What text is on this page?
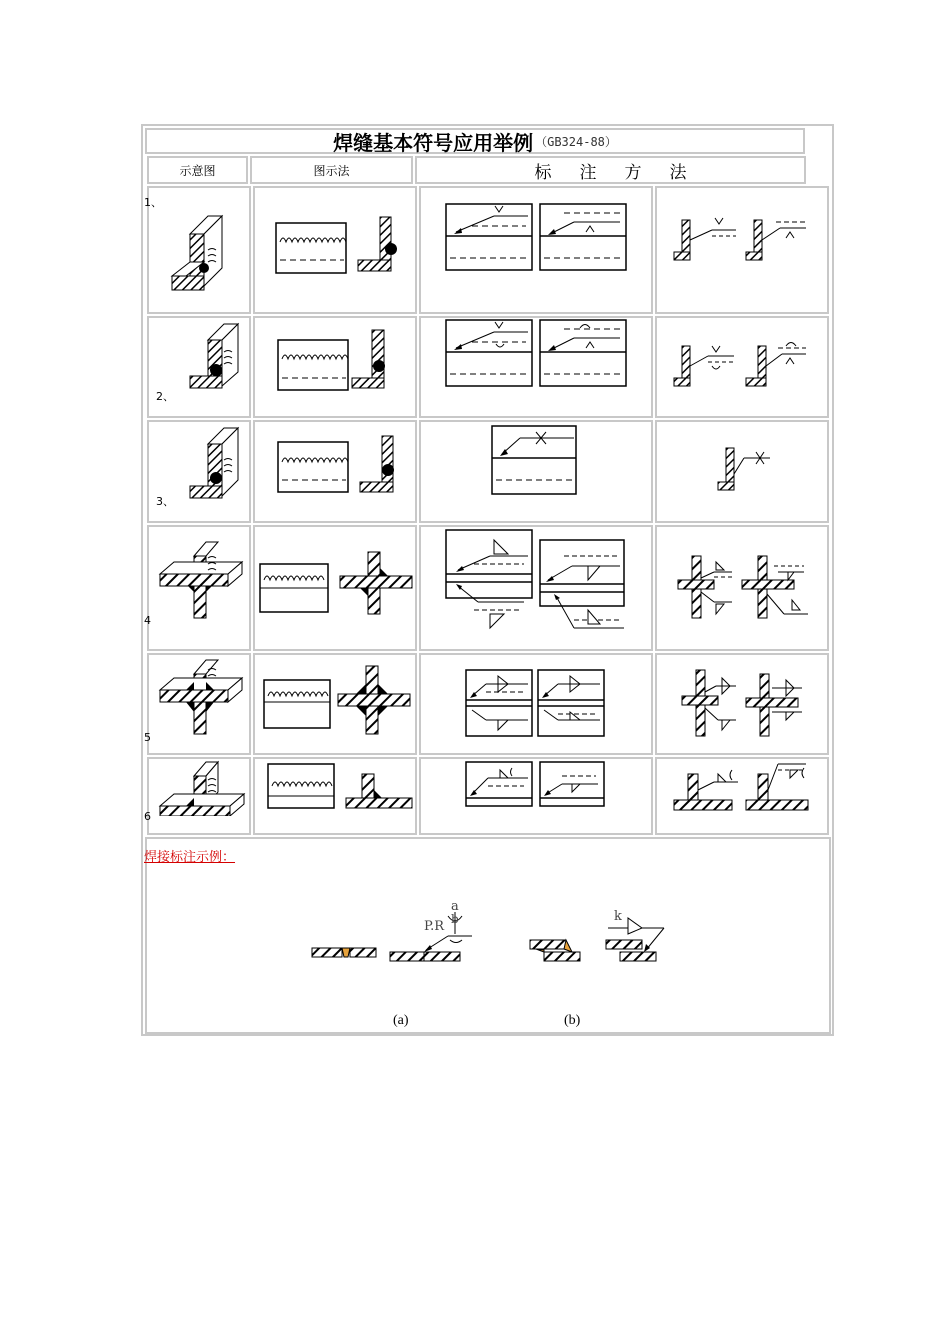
焊缝基本符号应用举例 （GB324-88）
示意图	图示法	标注方法
1、
2、
3、
4
5
6
焊接标注示例：
a
b
P.R
k
(a)	(b)
